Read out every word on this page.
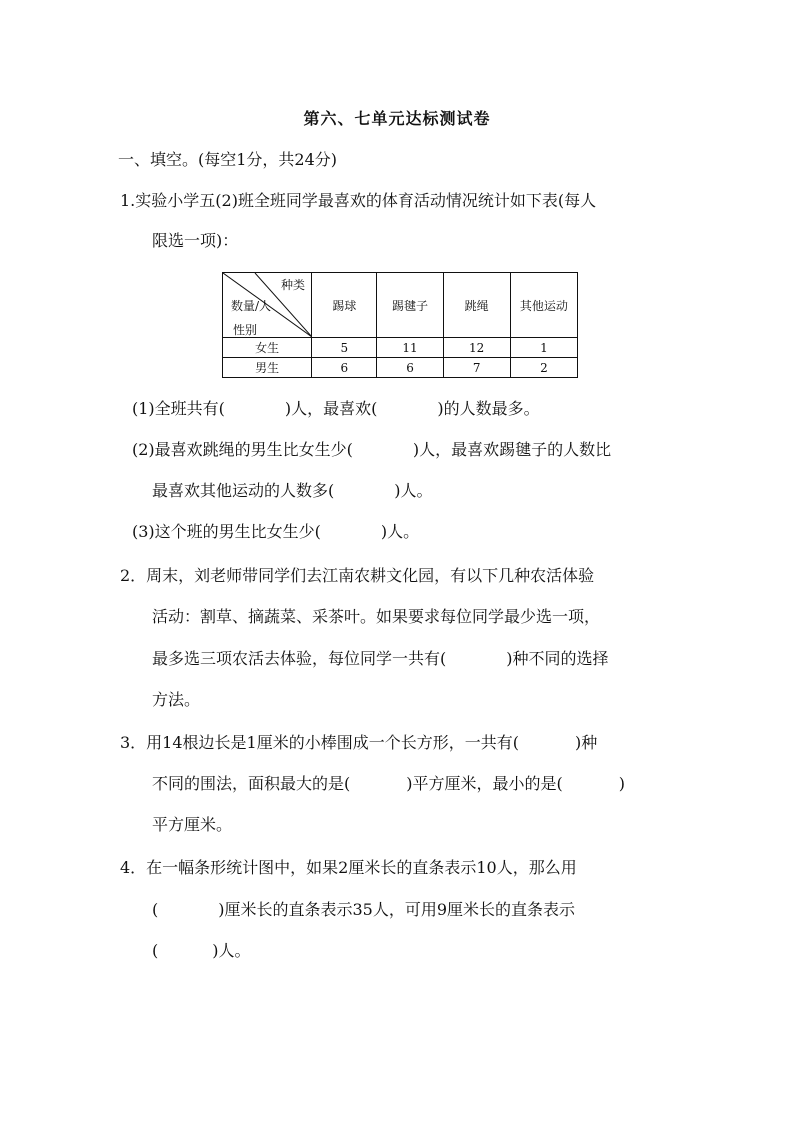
第六、七单元达标测试卷
一、填空。(每空1分，共24分)
1.实验小学五(2)班全班同学最喜欢的体育活动情况统计如下表(每人
限选一项)：
种类
数量/人
性别	踢球	踢毽子	跳绳	其他运动
女生	5	11	12	1
男生	6	6	7	2
(1)全班共有(	)人，最喜欢(	)的人数最多。
(2)最喜欢跳绳的男生比女生少(	)人，最喜欢踢毽子的人数比
最喜欢其他运动的人数多(	)人。
(3)这个班的男生比女生少(	)人。
2．周末，刘老师带同学们去江南农耕文化园，有以下几种农活体验
活动：割草、摘蔬菜、采茶叶。如果要求每位同学最少选一项，
最多选三项农活去体验，每位同学一共有(	)种不同的选择
方法。
3．用14根边长是1厘米的小棒围成一个长方形，一共有(	)种
不同的围法，面积最大的是(	)平方厘米，最小的是(	)
平方厘米。
4．在一幅条形统计图中，如果2厘米长的直条表示10人，那么用
(	)厘米长的直条表示35人，可用9厘米长的直条表示
(	)人。
